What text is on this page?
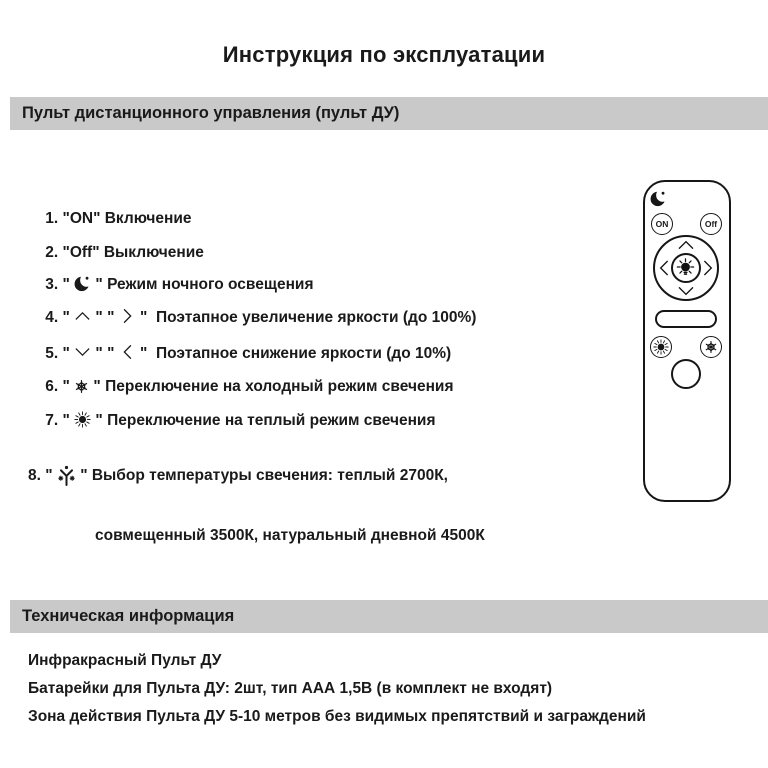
Инструкция по эксплуатации
Пульт дистанционного управления (пульт ДУ)

1. "ON" Включение

2. "Off" Выключение

3. "  " Режим ночного освещения

4. "  " "  "  Поэтапное увеличение яркости (до 100%)

5. "  " "  "  Поэтапное снижение яркости (до 10%)

6. "  " Переключение на холодный режим свечения

7. "  " Переключение на теплый режим свечения

8. "  " Выбор температуры свечения: теплый 2700К,

совмещенный 3500К, натуральный дневной 4500К

ON	Off
Техническая информация
Инфракрасный Пульт ДУ
Батарейки для Пульта ДУ: 2шт, тип ААА 1,5В (в комплект не входят)
Зона действия Пульта ДУ 5-10 метров без видимых препятствий и заграждений
